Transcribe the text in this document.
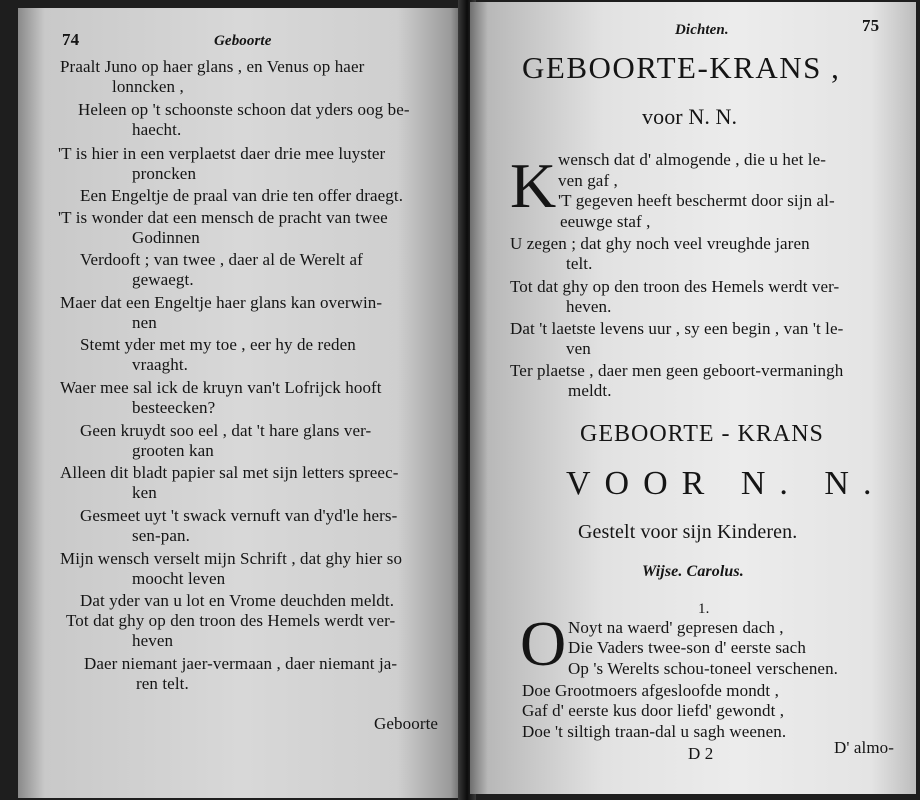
74	Geboorte
Praalt Juno op haer glans , en Venus op haer
lonncken ,
Heleen op 't schoonste schoon dat yders oog be-
haecht.
'T is hier in een verplaetst daer drie mee luyster
proncken
Een Engeltje de praal van drie ten offer draegt.
'T is wonder dat een mensch de pracht van twee
Godinnen
Verdooft ; van twee , daer al de Werelt af
gewaegt.
Maer dat een Engeltje haer glans kan overwin-
nen
Stemt yder met my toe , eer hy de reden
vraaght.
Waer mee sal ick de kruyn van't Lofrijck hooft
besteecken?
Geen kruydt soo eel , dat 't hare glans ver-
grooten kan
Alleen dit bladt papier sal met sijn letters spreec-
ken
Gesmeet uyt 't swack vernuft van d'yd'le hers-
sen-pan.
Mijn wensch verselt mijn Schrift , dat ghy hier so
moocht leven
Dat yder van u lot en Vrome deuchden meldt.
Tot dat ghy op den troon des Hemels werdt ver-
heven
Daer niemant jaer-vermaan , daer niemant ja-
ren telt.
Geboorte
Dichten.	75
GEBOORTE-KRANS ,
voor N. N.
K wensch dat d' almogende , die u het le-
ven gaf ,
'T gegeven heeft beschermt door sijn al-
eeuwge staf ,
U zegen ; dat ghy noch veel vreughde jaren
telt.
Tot dat ghy op den troon des Hemels werdt ver-
heven.
Dat 't laetste levens uur , sy een begin , van 't le-
ven
Ter plaetse , daer men geen geboort-vermaningh
meldt.
GEBOORTE - KRANS
VOOR N. N.
Gestelt voor sijn Kinderen.
Wijse. Carolus.
1.
O Noyt na waerd' gepresen dach ,
Die Vaders twee-son d' eerste sach
Op 's Werelts schou-toneel verschenen.
Doe Grootmoers afgesloofde mondt ,
Gaf d' eerste kus door liefd' gewondt ,
Doe 't siltigh traan-dal u sagh weenen.
D 2	D' almo-
